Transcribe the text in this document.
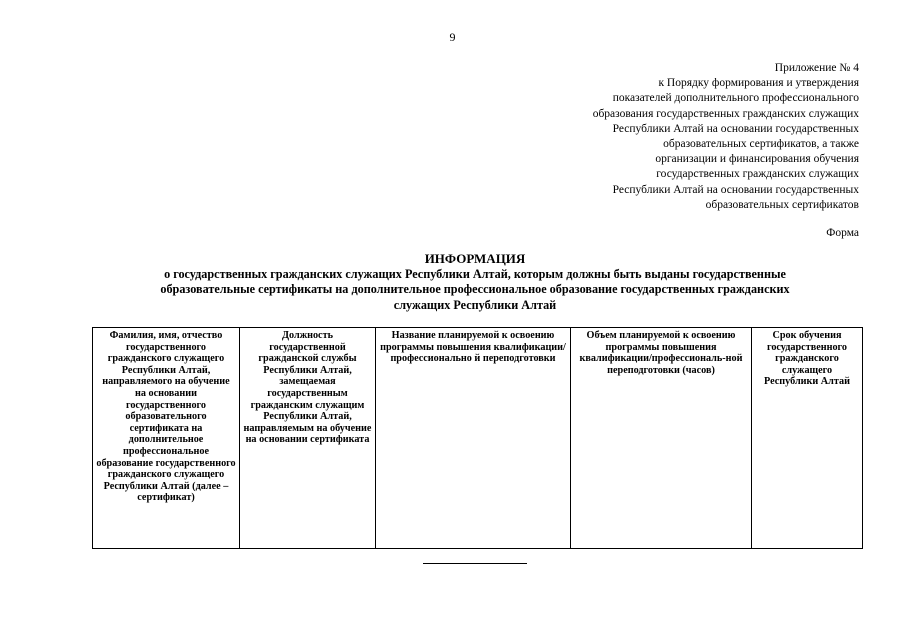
9
Приложение № 4
к Порядку формирования и утверждения
показателей дополнительного профессионального
образования государственных гражданских служащих
Республики Алтай на основании государственных
образовательных сертификатов, а также
организации и финансирования обучения
государственных гражданских служащих
Республики Алтай на основании государственных
образовательных сертификатов
Форма
ИНФОРМАЦИЯ
о государственных гражданских служащих Республики Алтай, которым должны быть выданы государственные
образовательные сертификаты на дополнительное профессиональное образование государственных гражданских
служащих Республики Алтай
Фамилия, имя, отчество государственного гражданского служащего Республики Алтай, направляемого на обучение на основании государственного образовательного сертификата на дополнительное профессиональное образование государственного гражданского служащего Республики Алтай (далее – сертификат)	Должность государственной гражданской службы Республики Алтай, замещаемая государственным гражданским служащим Республики Алтай, направляемым на обучение на основании сертификата	Название планируемой к освоению программы повышения квалификации/профессионально й переподготовки	Объем планируемой к освоению программы повышения квалификации/профессиональ-ной переподготовки (часов)	Срок обучения государственного гражданского служащего Республики Алтай
